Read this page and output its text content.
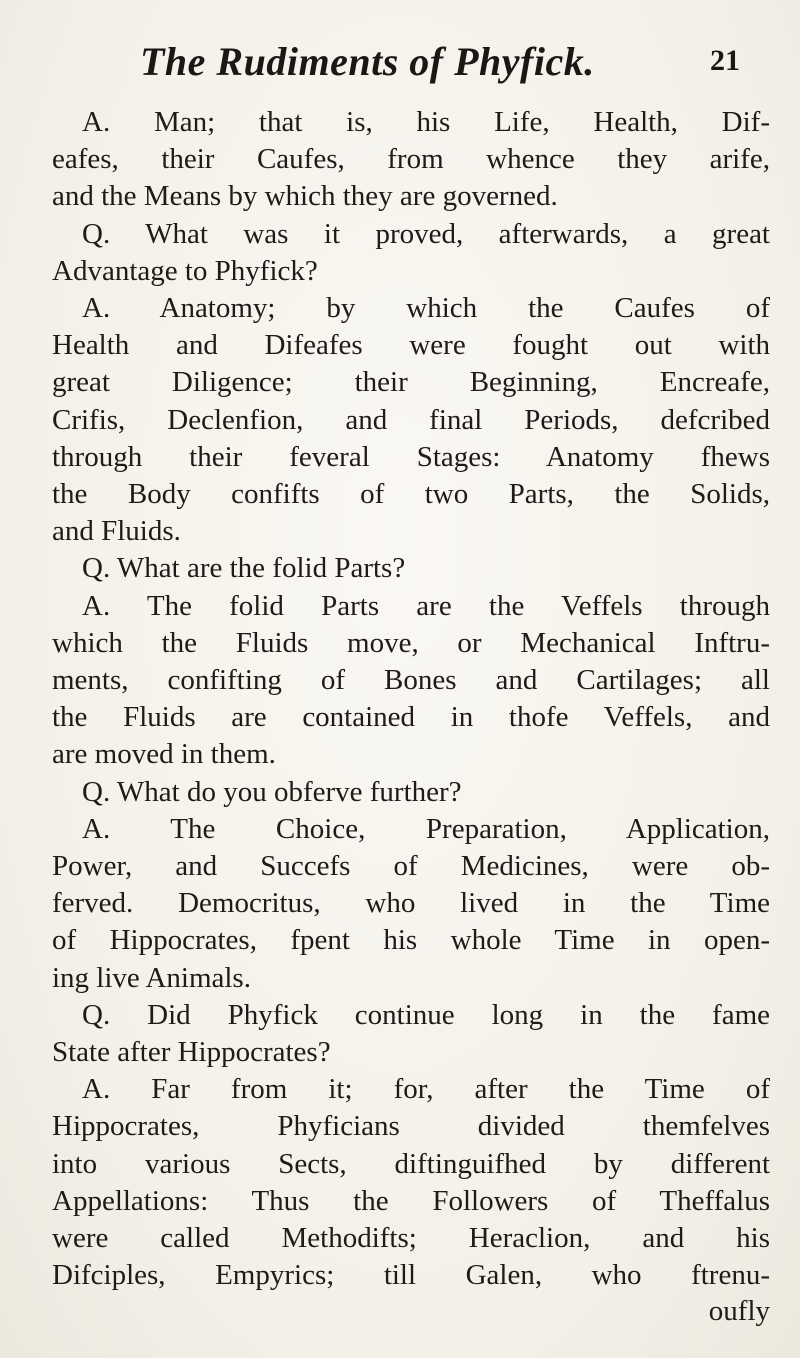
The Rudiments of Phyfick.	21
A. Man; that is, his Life, Health, Dif-
eafes, their Caufes, from whence they arife,
and the Means by which they are governed.
Q. What was it proved, afterwards, a great
Advantage to Phyfick?
A. Anatomy; by which the Caufes of
Health and Difeafes were fought out with
great Diligence; their Beginning, Encreafe,
Crifis, Declenfion, and final Periods, defcribed
through their feveral Stages: Anatomy fhews
the Body confifts of two Parts, the Solids,
and Fluids.
Q. What are the folid Parts?
A. The folid Parts are the Veffels through
which the Fluids move, or Mechanical Inftru-
ments, confifting of Bones and Cartilages; all
the Fluids are contained in thofe Veffels, and
are moved in them.
Q. What do you obferve further?
A. The Choice, Preparation, Application,
Power, and Succefs of Medicines, were ob-
ferved. Democritus, who lived in the Time
of Hippocrates, fpent his whole Time in open-
ing live Animals.
Q. Did Phyfick continue long in the fame
State after Hippocrates?
A. Far from it; for, after the Time of
Hippocrates, Phyficians divided themfelves
into various Sects, diftinguifhed by different
Appellations: Thus the Followers of Theffalus
were called Methodifts; Heraclion, and his
Difciples, Empyrics; till Galen, who ftrenu-
oufly
